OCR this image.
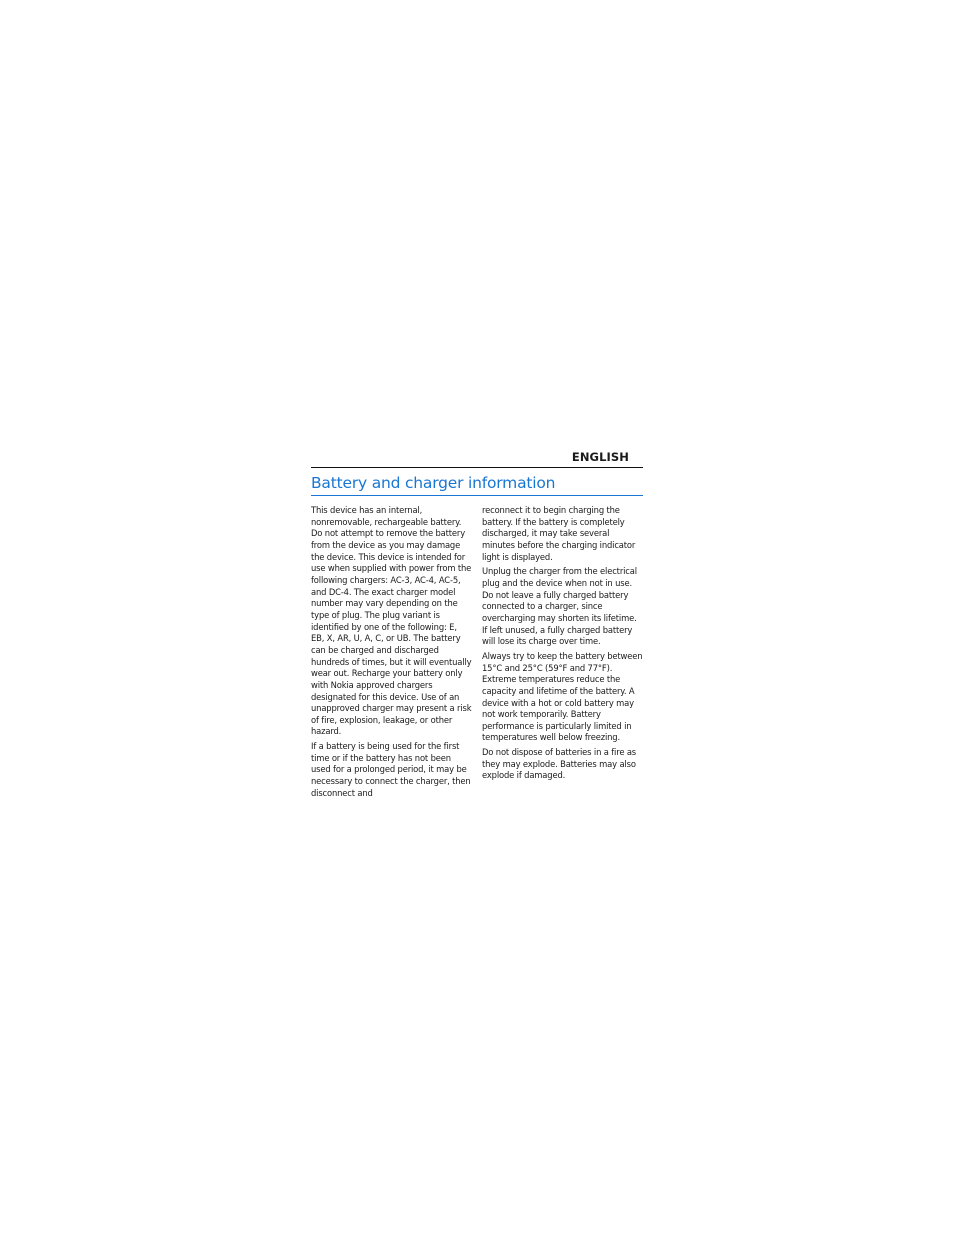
ENGLISH
Battery and charger information

This device has an internal, nonremovable, rechargeable battery. Do not attempt to remove the battery from the device as you may damage the device. This device is intended for use when supplied with power from the following chargers: AC-3, AC-4, AC-5, and DC-4. The exact charger model number may vary depending on the type of plug. The plug variant is identified by one of the following: E, EB, X, AR, U, A, C, or UB. The battery can be charged and discharged hundreds of times, but it will eventually wear out. Recharge your battery only with Nokia approved chargers designated for this device. Use of an unapproved charger may present a risk of fire, explosion, leakage, or other hazard.

If a battery is being used for the first time or if the battery has not been used for a prolonged period, it may be necessary to connect the charger, then disconnect and

reconnect it to begin charging the battery. If the battery is completely discharged, it may take several minutes before the charging indicator light is displayed.

Unplug the charger from the electrical plug and the device when not in use. Do not leave a fully charged battery connected to a charger, since overcharging may shorten its lifetime. If left unused, a fully charged battery will lose its charge over time.

Always try to keep the battery between 15°C and 25°C (59°F and 77°F). Extreme temperatures reduce the capacity and lifetime of the battery. A device with a hot or cold battery may not work temporarily. Battery performance is particularly limited in temperatures well below freezing.

Do not dispose of batteries in a fire as they may explode. Batteries may also explode if damaged.
